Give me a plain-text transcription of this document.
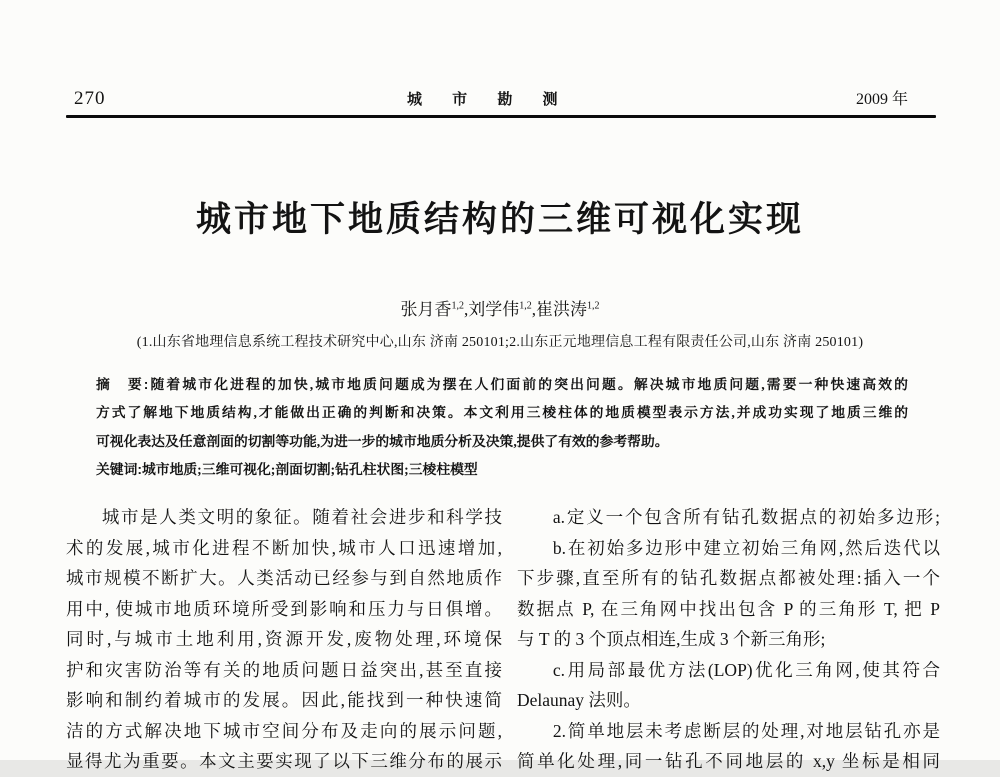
270	城 市 勘 测	2009 年
城市地下地质结构的三维可视化实现
张月香$^{1,2}$,刘学伟$^{1,2}$,崔洪涛$^{1,2}$
(1.山东省地理信息系统工程技术研究中心,山东 济南 250101;2.山东正元地理信息工程有限责任公司,山东 济南 250101)
摘　要:随着城市化进程的加快,城市地质问题成为摆在人们面前的突出问题。解决城市地质问题,需要一种快速高效的
方式了解地下地质结构,才能做出正确的判断和决策。本文利用三棱柱体的地质模型表示方法,并成功实现了地质三维的
可视化表达及任意剖面的切割等功能,为进一步的城市地质分析及决策,提供了有效的参考帮助。
关键词:城市地质;三维可视化;剖面切割;钻孔柱状图;三棱柱模型
城市是人类文明的象征。随着社会进步和科学技
术的发展,城市化进程不断加快,城市人口迅速增加,
城市规模不断扩大。人类活动已经参与到自然地质作
用中, 使城市地质环境所受到影响和压力与日俱增。
同时,与城市土地利用,资源开发,废物处理,环境保
护和灾害防治等有关的地质问题日益突出,甚至直接
影响和制约着城市的发展。因此,能找到一种快速简
洁的方式解决地下城市空间分布及走向的展示问题,
显得尤为重要。本文主要实现了以下三维分布的展示
a.定义一个包含所有钻孔数据点的初始多边形;
b.在初始多边形中建立初始三角网,然后迭代以
下步骤,直至所有的钻孔数据点都被处理:插入一个
数据点 P, 在三角网中找出包含 P 的三角形 T, 把 P
与 T 的 3 个顶点相连,生成 3 个新三角形;
c.用局部最优方法(LOP)优化三角网,使其符合
Delaunay 法则。
2.简单地层未考虑断层的处理,对地层钻孔亦是
简单化处理,同一钻孔不同地层的 x,y 坐标是相同
